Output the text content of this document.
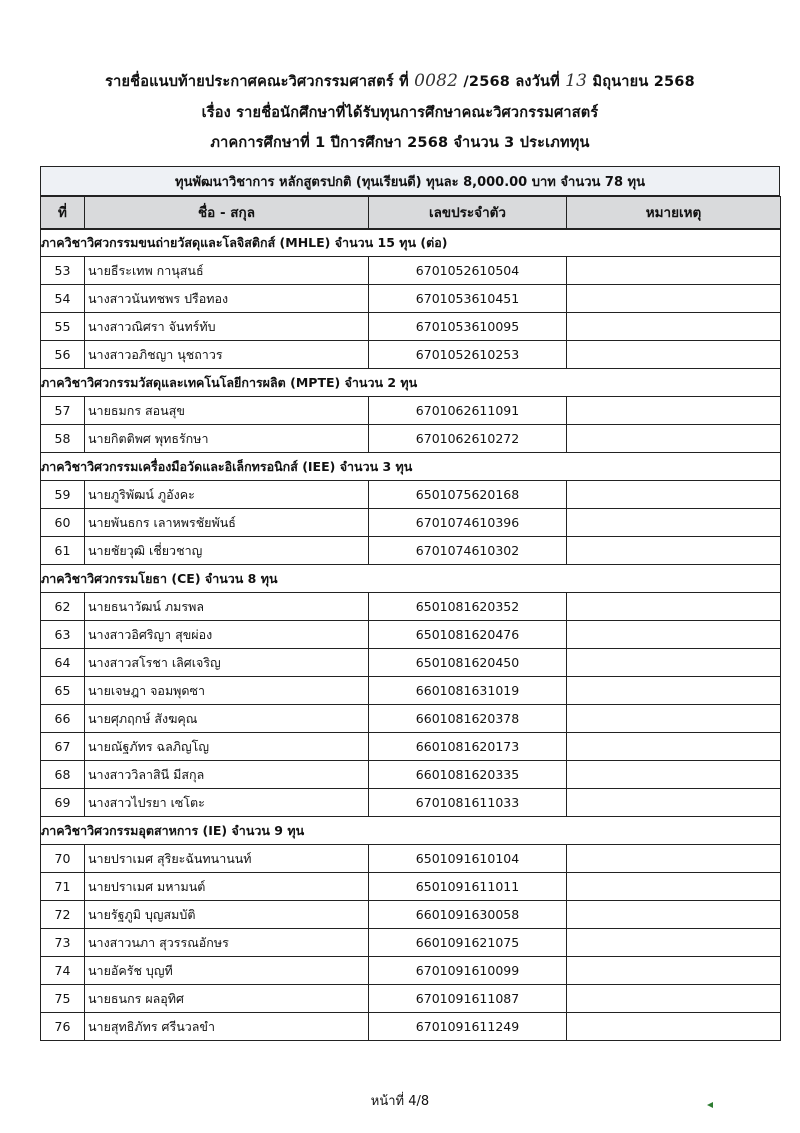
รายชื่อแนบท้ายประกาศคณะวิศวกรรมศาสตร์ ที่ 0082 /2568 ลงวันที่ 13 มิถุนายน 2568
เรื่อง รายชื่อนักศึกษาที่ได้รับทุนการศึกษาคณะวิศวกรรมศาสตร์
ภาคการศึกษาที่ 1 ปีการศึกษา 2568 จำนวน 3 ประเภททุน
ทุนพัฒนาวิชาการ หลักสูตรปกติ (ทุนเรียนดี) ทุนละ 8,000.00 บาท จำนวน 78 ทุน
ที่	ชื่อ - สกุล	เลขประจำตัว	หมายเหตุ
ภาควิชาวิศวกรรมขนถ่ายวัสดุและโลจิสติกส์ (MHLE) จำนวน 15 ทุน (ต่อ)			
53	นายธีระเทพ กานุสนธ์	6701052610504	
54	นางสาวนันทชพร ปรือทอง	6701053610451	
55	นางสาวณิศรา จันทร์ทับ	6701053610095	
56	นางสาวอภิชญา นุชถาวร	6701052610253	
ภาควิชาวิศวกรรมวัสดุและเทคโนโลยีการผลิต (MPTE) จำนวน 2 ทุน			
57	นายธมกร สอนสุข	6701062611091	
58	นายกิตติพศ พุทธรักษา	6701062610272	
ภาควิชาวิศวกรรมเครื่องมือวัดและอิเล็กทรอนิกส์ (IEE) จำนวน 3 ทุน			
59	นายภูริพัฒน์ ภูอังคะ	6501075620168	
60	นายพันธกร เลาหพรชัยพันธ์	6701074610396	
61	นายชัยวุฒิ เชี่ยวชาญ	6701074610302	
ภาควิชาวิศวกรรมโยธา (CE) จำนวน 8 ทุน			
62	นายธนาวัฒน์ ภมรพล	6501081620352	
63	นางสาวอิศริญา สุขผ่อง	6501081620476	
64	นางสาวสโรชา เลิศเจริญ	6501081620450	
65	นายเจษฎา จอมพุดซา	6601081631019	
66	นายศุภฤกษ์ สังฆคุณ	6601081620378	
67	นายณัฐภัทร ฉลภิญโญ	6601081620173	
68	นางสาววิลาสินี มีสกุล	6601081620335	
69	นางสาวไปรยา เซโตะ	6701081611033	
ภาควิชาวิศวกรรมอุตสาหการ (IE) จำนวน 9 ทุน			
70	นายปราเมศ สุริยะฉันทนานนท์	6501091610104	
71	นายปราเมศ มหามนต์	6501091611011	
72	นายรัฐภูมิ บุญสมบัติ	6601091630058	
73	นางสาวนภา สุวรรณอักษร	6601091621075	
74	นายอัครัช บุญที	6701091610099	
75	นายธนกร ผลอุทิศ	6701091611087	
76	นายสุทธิภัทร ศรีนวลขำ	6701091611249	
หน้าที่ 4/8
